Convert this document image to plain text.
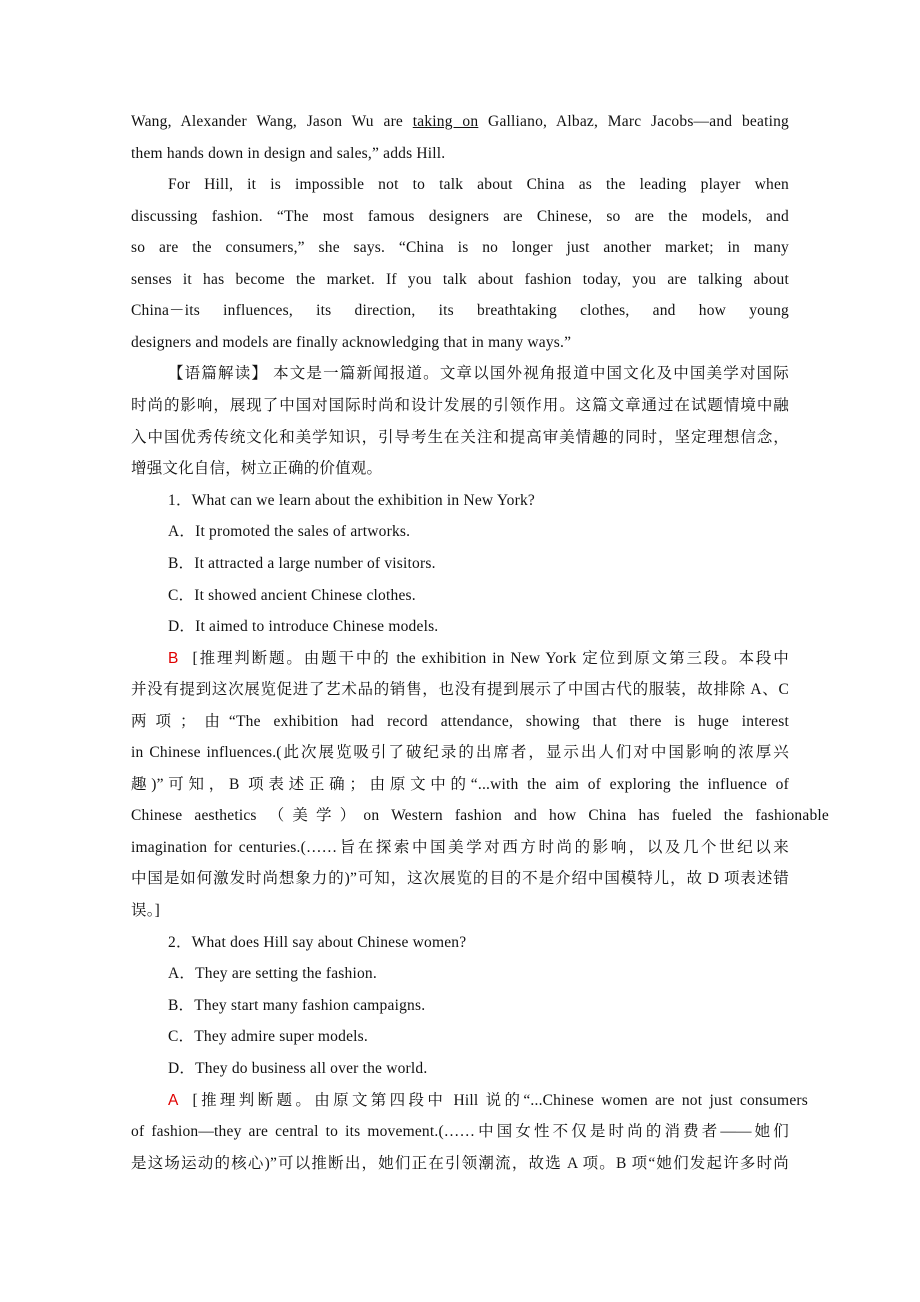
Wang, Alexander Wang, Jason Wu are taking on Galliano, Albaz, Marc Jacobs—and beating
them hands down in design and sales,” adds Hill.
For Hill, it is impossible not to talk about China as the leading player when
discussing fashion. “The most famous designers are Chinese, so are the models, and
so are the consumers,” she says. “China is no longer just another market; in many
senses it has become the market. If you talk about fashion today, you are talking about
China－its influences, its direction, its breathtaking clothes, and how young
designers and models are finally acknowledging that in many ways.”
【语篇解读】 本文是一篇新闻报道。文章以国外视角报道中国文化及中国美学对国际
时尚的影响，展现了中国对国际时尚和设计发展的引领作用。这篇文章通过在试题情境中融
入中国优秀传统文化和美学知识，引导考生在关注和提高审美情趣的同时，坚定理想信念，
增强文化自信，树立正确的价值观。
1．What can we learn about the exhibition in New York?
A．It promoted the sales of artworks.
B．It attracted a large number of visitors.
C．It showed ancient Chinese clothes.
D．It aimed to introduce Chinese models.
B [推理判断题。由题干中的 the exhibition in New York 定位到原文第三段。本段中
并没有提到这次展览促进了艺术品的销售，也没有提到展示了中国古代的服装，故排除 A、C
两项；由“The exhibition had record attendance, showing that there is huge interest
in Chinese influences.(此次展览吸引了破纪录的出席者，显示出人们对中国影响的浓厚兴
趣)”可知，B 项表述正确；由原文中的“...with the aim of exploring the influence of
Chinese aesthetics （美学）on Western fashion and how China has fueled the fashionable
imagination for centuries.(……旨在探索中国美学对西方时尚的影响，以及几个世纪以来
中国是如何激发时尚想象力的)”可知，这次展览的目的不是介绍中国模特儿，故 D 项表述错
误。]
2．What does Hill say about Chinese women?
A．They are setting the fashion.
B．They start many fashion campaigns.
C．They admire super models.
D．They do business all over the world.
A [推理判断题。由原文第四段中 Hill 说的“...Chinese women are not just consumers
of fashion—they are central to its movement.(……中国女性不仅是时尚的消费者——她们
是这场运动的核心)”可以推断出，她们正在引领潮流，故选 A 项。B 项“她们发起许多时尚
